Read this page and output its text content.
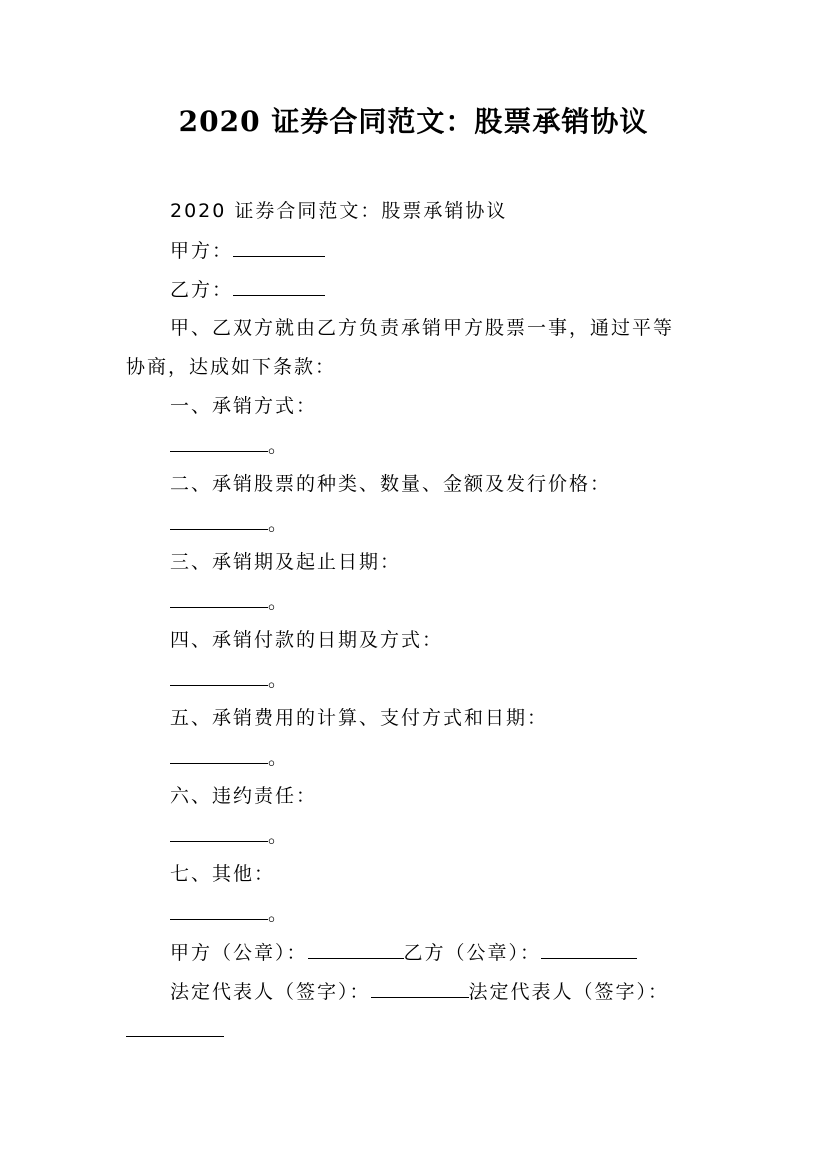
2020 证券合同范文：股票承销协议
2020 证券合同范文：股票承销协议
甲方：
乙方：
甲、乙双方就由乙方负责承销甲方股票一事，通过平等
协商，达成如下条款：
一、承销方式：
。
二、承销股票的种类、数量、金额及发行价格：
。
三、承销期及起止日期：
。
四、承销付款的日期及方式：
。
五、承销费用的计算、支付方式和日期：
。
六、违约责任：
。
七、其他：
。
甲方（公章）：	乙方（公章）：
法定代表人（签字）：	法定代表人（签字）：
